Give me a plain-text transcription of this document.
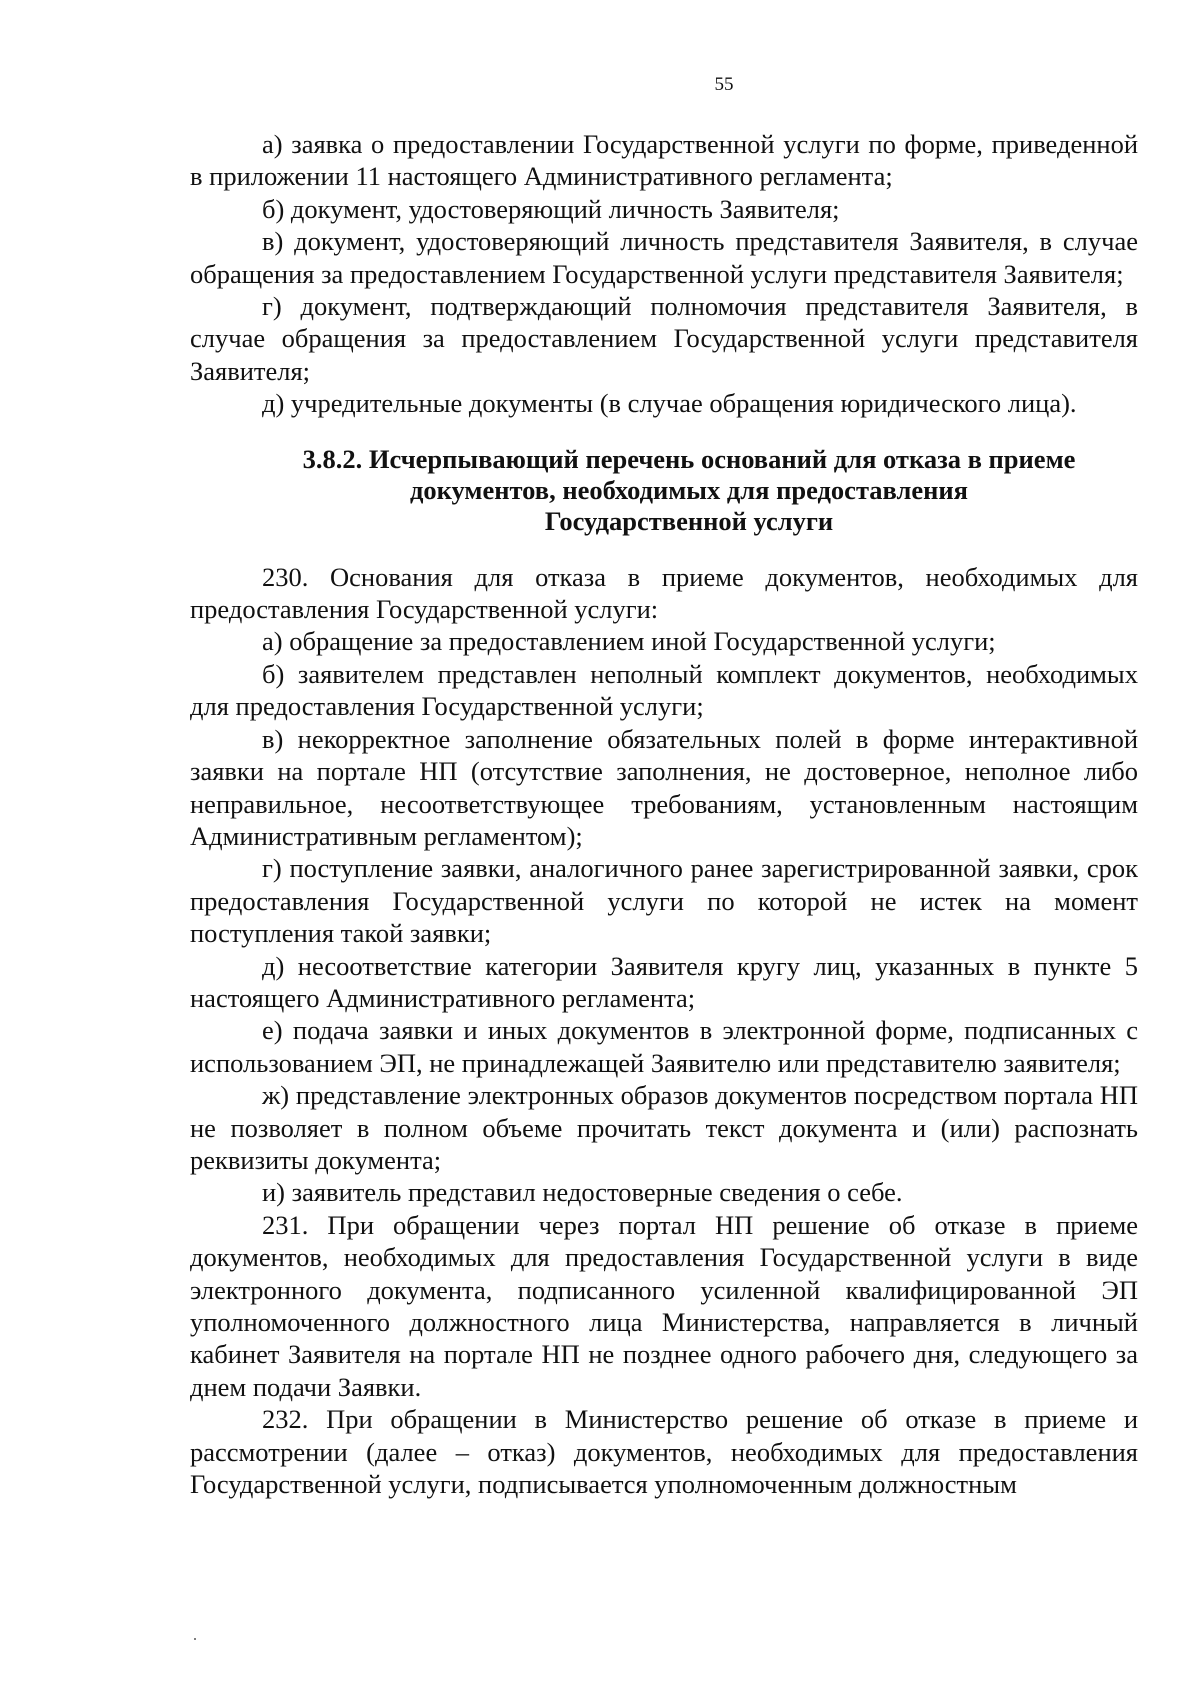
55

а) заявка о предоставлении Государственной услуги по форме, приведенной в приложении 11 настоящего Административного регламента;

б) документ, удостоверяющий личность Заявителя;

в) документ, удостоверяющий личность представителя Заявителя, в случае обращения за предоставлением Государственной услуги представителя Заявителя;

г) документ, подтверждающий полномочия представителя Заявителя, в случае обращения за предоставлением Государственной услуги представителя Заявителя;

д) учредительные документы (в случае обращения юридического лица).

3.8.2. Исчерпывающий перечень оснований для отказа в приеме
документов, необходимых для предоставления
Государственной услуги

230. Основания для отказа в приеме документов, необходимых для предоставления Государственной услуги:

а) обращение за предоставлением иной Государственной услуги;

б) заявителем представлен неполный комплект документов, необходимых для предоставления Государственной услуги;

в) некорректное заполнение обязательных полей в форме интерактивной заявки на портале НП (отсутствие заполнения, не достоверное, неполное либо неправильное, несоответствующее требованиям, установленным настоящим Административным регламентом);

г) поступление заявки, аналогичного ранее зарегистрированной заявки, срок предоставления Государственной услуги по которой не истек на момент поступления такой заявки;

д) несоответствие категории Заявителя кругу лиц, указанных в пункте 5 настоящего Административного регламента;

е) подача заявки и иных документов в электронной форме, подписанных с использованием ЭП, не принадлежащей Заявителю или представителю заявителя;

ж) представление электронных образов документов посредством портала НП не позволяет в полном объеме прочитать текст документа и (или) распознать реквизиты документа;

и) заявитель представил недостоверные сведения о себе.

231. При обращении через портал НП решение об отказе в приеме документов, необходимых для предоставления Государственной услуги в виде электронного документа, подписанного усиленной квалифицированной ЭП уполномоченного должностного лица Министерства, направляется в личный кабинет Заявителя на портале НП не позднее одного рабочего дня, следующего за днем подачи Заявки.

232. При обращении в Министерство решение об отказе в приеме и рассмотрении (далее – отказ) документов, необходимых для предоставления Государственной услуги, подписывается уполномоченным должностным
